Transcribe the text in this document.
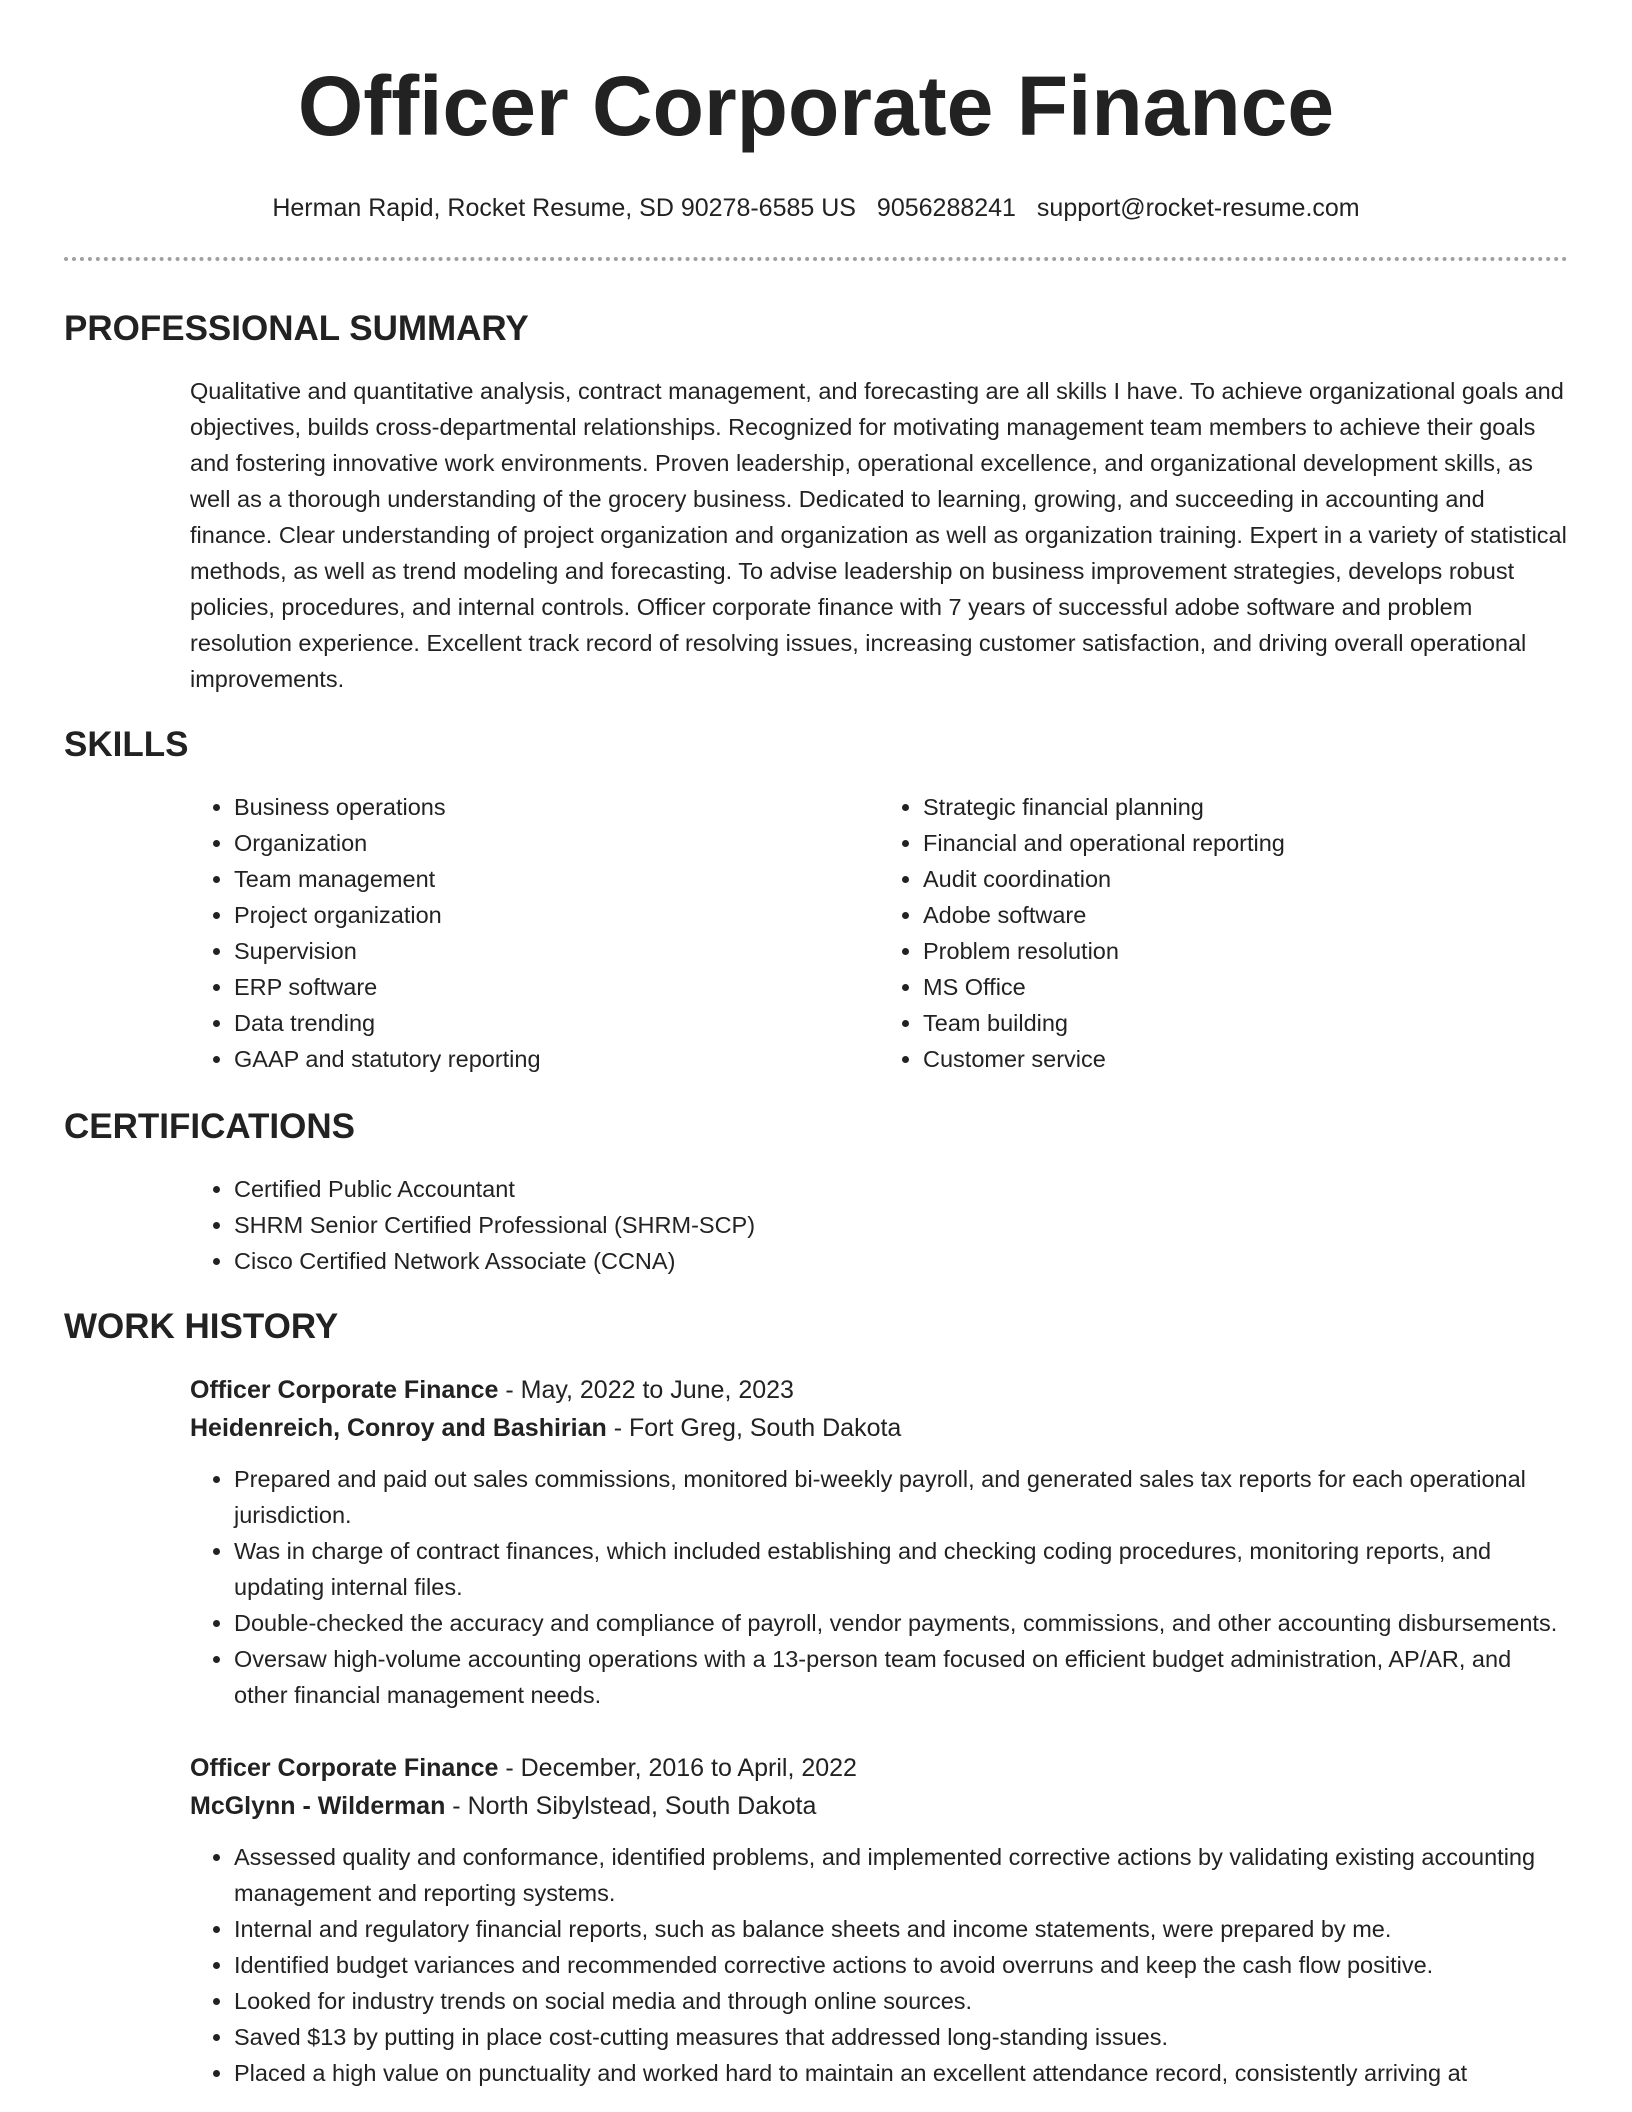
Officer Corporate Finance
Herman Rapid, Rocket Resume, SD 90278-6585 US 9056288241 support@rocket-resume.com
PROFESSIONAL SUMMARY

Qualitative and quantitative analysis, contract management, and forecasting are all skills I have. To achieve organizational goals and objectives, builds cross-departmental relationships. Recognized for motivating management team members to achieve their goals and fostering innovative work environments. Proven leadership, operational excellence, and organizational development skills, as well as a thorough understanding of the grocery business. Dedicated to learning, growing, and succeeding in accounting and finance. Clear understanding of project organization and organization as well as organization training. Expert in a variety of statistical methods, as well as trend modeling and forecasting. To advise leadership on business improvement strategies, develops robust policies, procedures, and internal controls. Officer corporate finance with 7 years of successful adobe software and problem resolution experience. Excellent track record of resolving issues, increasing customer satisfaction, and driving overall operational improvements.

SKILLS
• Business operations
• Organization
• Team management
• Project organization
• Supervision
• ERP software
• Data trending
• GAAP and statutory reporting
• Strategic financial planning
• Financial and operational reporting
• Audit coordination
• Adobe software
• Problem resolution
• MS Office
• Team building
• Customer service
CERTIFICATIONS
• Certified Public Accountant
• SHRM Senior Certified Professional (SHRM-SCP)
• Cisco Certified Network Associate (CCNA)
WORK HISTORY
Officer Corporate Finance - May, 2022 to June, 2023
Heidenreich, Conroy and Bashirian - Fort Greg, South Dakota
• Prepared and paid out sales commissions, monitored bi-weekly payroll, and generated sales tax reports for each operational jurisdiction.
• Was in charge of contract finances, which included establishing and checking coding procedures, monitoring reports, and updating internal files.
• Double-checked the accuracy and compliance of payroll, vendor payments, commissions, and other accounting disbursements.
• Oversaw high-volume accounting operations with a 13-person team focused on efficient budget administration, AP/AR, and other financial management needs.
Officer Corporate Finance - December, 2016 to April, 2022
McGlynn - Wilderman - North Sibylstead, South Dakota
• Assessed quality and conformance, identified problems, and implemented corrective actions by validating existing accounting management and reporting systems.
• Internal and regulatory financial reports, such as balance sheets and income statements, were prepared by me.
• Identified budget variances and recommended corrective actions to avoid overruns and keep the cash flow positive.
• Looked for industry trends on social media and through online sources.
• Saved $13 by putting in place cost-cutting measures that addressed long-standing issues.
• Placed a high value on punctuality and worked hard to maintain an excellent attendance record, consistently arriving at
